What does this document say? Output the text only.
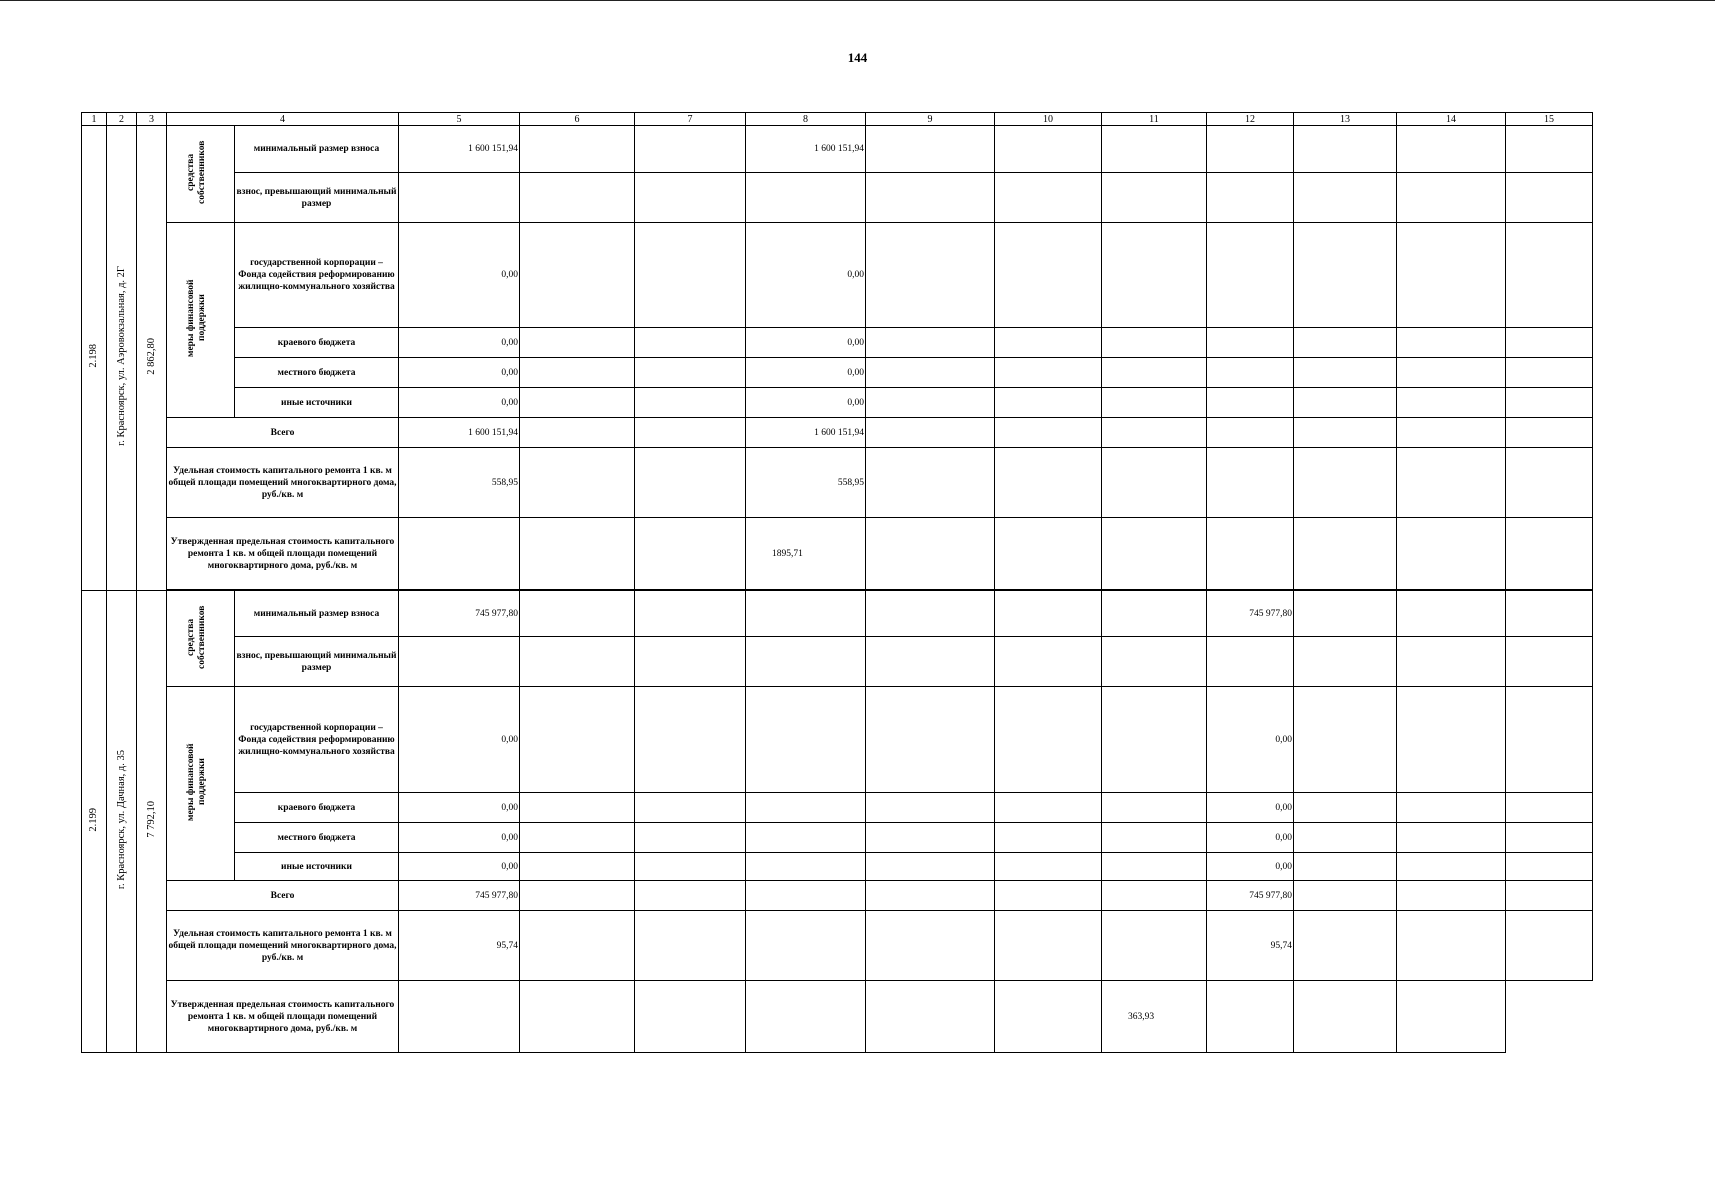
144
1	2	3	4		5	6	7	8	9	10	11	12	13	14	15
2.198	г. Красноярск, ул. Аэровокзальная, д. 2Г	2 862,80	средства собственников	минимальный размер взноса	1 600 151,94			1 600 151,94							
				взнос, превышающий минимальный размер											
			меры финансовой поддержки	государственной корпорации – Фонда содействия реформированию жилищно-коммунального хозяйства	0,00			0,00							
				краевого бюджета	0,00			0,00							
				местного бюджета	0,00			0,00							
				иные источники	0,00			0,00							
			Всего		1 600 151,94			1 600 151,94							
			Удельная стоимость капитального ремонта 1 кв. м общей площади помещений многоквартирного дома, руб./кв. м		558,95			558,95							
			Утвержденная предельная стоимость капитального ремонта 1 кв. м общей площади помещений многоквартирного дома, руб./кв. м					1895,71							

2.199	г. Красноярск, ул. Дачная, д. 35	7 792,10	средства собственников	минимальный размер взноса	745 977,80							745 977,80			
				взнос, превышающий минимальный размер											
			меры финансовой поддержки	государственной корпорации – Фонда содействия реформированию жилищно-коммунального хозяйства	0,00							0,00			
				краевого бюджета	0,00							0,00			
				местного бюджета	0,00							0,00			
				иные источники	0,00							0,00			
			Всего		745 977,80							745 977,80			
			Удельная стоимость капитального ремонта 1 кв. м общей площади помещений многоквартирного дома, руб./кв. м		95,74							95,74			
			Утвержденная предельная стоимость капитального ремонта 1 кв. м общей площади помещений многоквартирного дома, руб./кв. м								363,93				
